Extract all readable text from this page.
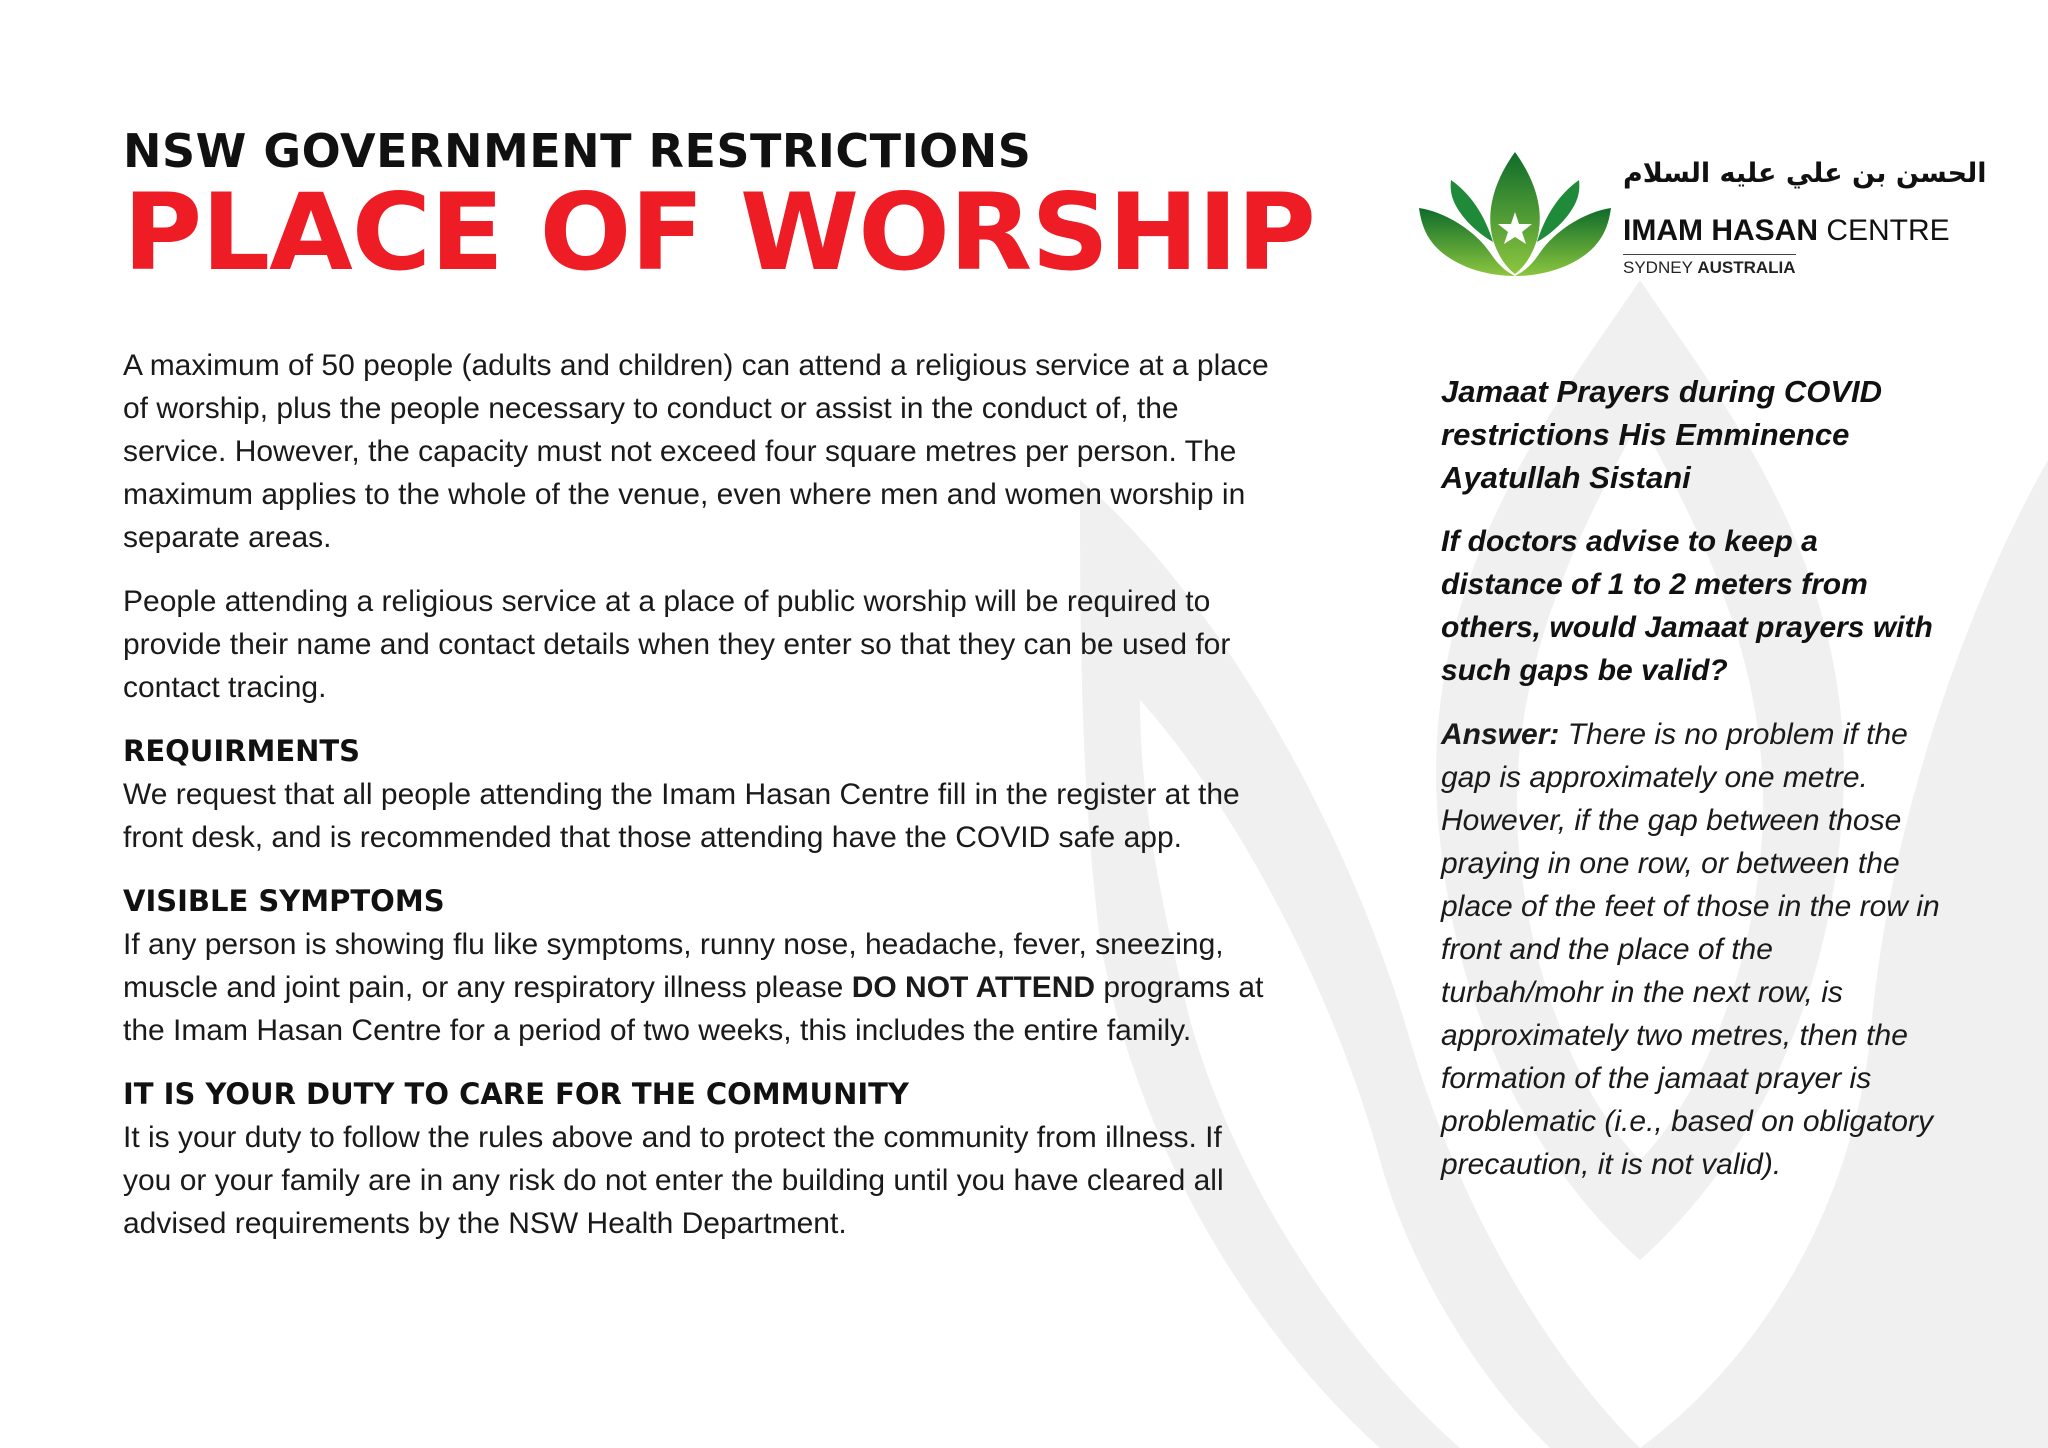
NSW GOVERNMENT RESTRICTIONS
PLACE OF WORSHIP	الحسن بن علي عليه السلام
IMAM HASAN CENTRE
SYDNEY AUSTRALIA

A maximum of 50 people (adults and children) can attend a religious service at a place of worship, plus the people necessary to conduct or assist in the conduct of, the service. However, the capacity must not exceed four square metres per person. The maximum applies to the whole of the venue, even where men and women worship in separate areas.

People attending a religious service at a place of public worship will be required to provide their name and contact details when they enter so that they can be used for contact tracing.

REQUIRMENTS

We request that all people attending the Imam Hasan Centre fill in the register at the front desk, and is recommended that those attending have the COVID safe app.

VISIBLE SYMPTOMS

If any person is showing flu like symptoms, runny nose, headache, fever, sneezing, muscle and joint pain, or any respiratory illness please DO NOT ATTEND programs at the Imam Hasan Centre for a period of two weeks, this includes the entire family.

IT IS YOUR DUTY TO CARE FOR THE COMMUNITY

It is your duty to follow the rules above and to protect the community from illness. If you or your family are in any risk do not enter the building until you have cleared all advised requirements by the NSW Health Department.

Jamaat Prayers during COVID restrictions His Emminence Ayatullah Sistani

If doctors advise to keep a distance of 1 to 2 meters from others, would Jamaat prayers with such gaps be valid?

Answer: There is no problem if the gap is approximately one metre. However, if the gap between those praying in one row, or between the place of the feet of those in the row in front and the place of the turbah/mohr in the next row, is approximately two metres, then the formation of the jamaat prayer is problematic (i.e., based on obligatory precaution, it is not valid).
